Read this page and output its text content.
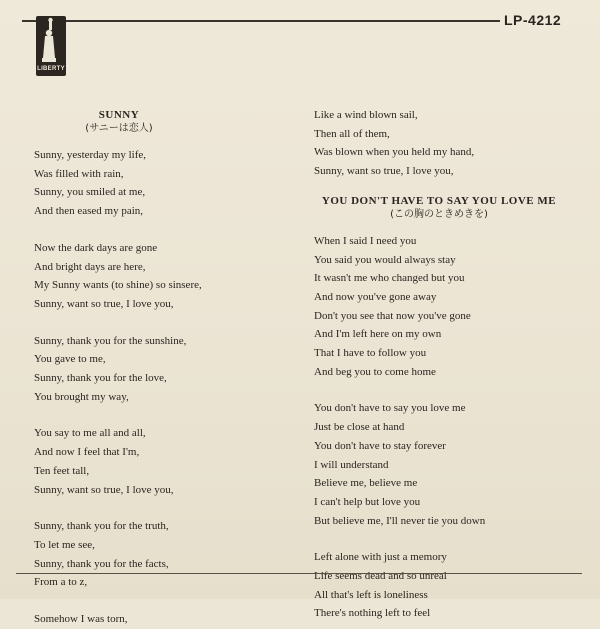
LIBERTY
LP-4212
SUNNY
(サニーは恋人)
Sunny, yesterday my life,
Was filled with rain,
Sunny, you smiled at me,
And then eased my pain,
Now the dark days are gone
And bright days are here,
My Sunny wants (to shine) so sinsere,
Sunny, want so true, I love you,
Sunny, thank you for the sunshine,
You gave to me,
Sunny, thank you for the love,
You brought my way,
You say to me all and all,
And now I feel that I'm,
Ten feet tall,
Sunny, want so true, I love you,
Sunny, thank you for the truth,
To let me see,
Sunny, thank you for the facts,
From a to z,
Somehow I was torn,
Like a wind blown sail,
Then all of them,
Was blown when you held my hand,
Sunny, want so true, I love you,
YOU DON'T HAVE TO SAY YOU LOVE ME
(この胸のときめきを)
When I said I need you
You said you would always stay
It wasn't me who changed but you
And now you've gone away
Don't you see that now you've gone
And I'm left here on my own
That I have to follow you
And beg you to come home
You don't have to say you love me
Just be close at hand
You don't have to stay forever
I will understand
Believe me, believe me
I can't help but love you
But believe me, I'll never tie you down
Left alone with just a memory
Life seems dead and so unreal
All that's left is loneliness
There's nothing left to feel
